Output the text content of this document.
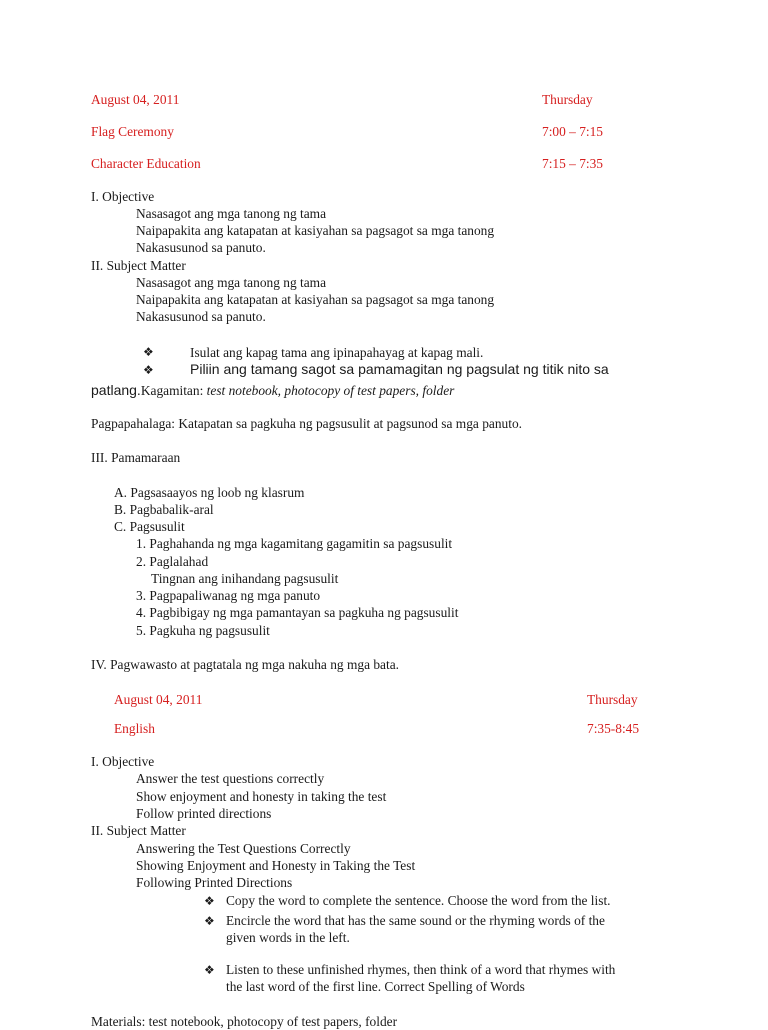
August 04, 2011	Thursday
Flag Ceremony	7:00 – 7:15
Character Education	7:15 – 7:35
I. Objective
Nasasagot ang mga tanong ng tama
Naipapakita ang katapatan at kasiyahan sa pagsagot sa mga tanong
Nakasusunod sa panuto.
II. Subject Matter
Nasasagot ang mga tanong ng tama
Naipapakita ang katapatan at kasiyahan sa pagsagot sa mga tanong
Nakasusunod sa panuto.
❖	Isulat ang kapag tama ang ipinapahayag at kapag mali.
❖	Piliin ang tamang sagot sa pamamagitan ng pagsulat ng titik nito sa
patlang.Kagamitan: test notebook, photocopy of test papers, folder
Pagpapahalaga: Katapatan sa pagkuha ng pagsusulit at pagsunod sa mga panuto.
III. Pamamaraan
A. Pagsasaayos ng loob ng klasrum
B. Pagbabalik-aral
C. Pagsusulit
1. Paghahanda ng mga kagamitang gagamitin sa pagsusulit
2. Paglalahad
Tingnan ang inihandang pagsusulit
3. Pagpapaliwanag ng mga panuto
4. Pagbibigay ng mga pamantayan sa pagkuha ng pagsusulit
5. Pagkuha ng pagsusulit
IV. Pagwawasto at pagtatala ng mga nakuha ng mga bata.
August 04, 2011	Thursday
English	7:35-8:45
I. Objective
Answer the test questions correctly
Show enjoyment and honesty in taking the test
Follow printed directions
II. Subject Matter
Answering the Test Questions Correctly
Showing Enjoyment and Honesty in Taking the Test
Following Printed Directions
❖ Copy the word to complete the sentence. Choose the word from the list.
❖ Encircle the word that has the same sound or the rhyming words of the
given words in the left.
❖ Listen to these unfinished rhymes, then think of a word that rhymes with
the last word of the first line. Correct Spelling of Words
Materials: test notebook, photocopy of test papers, folder
